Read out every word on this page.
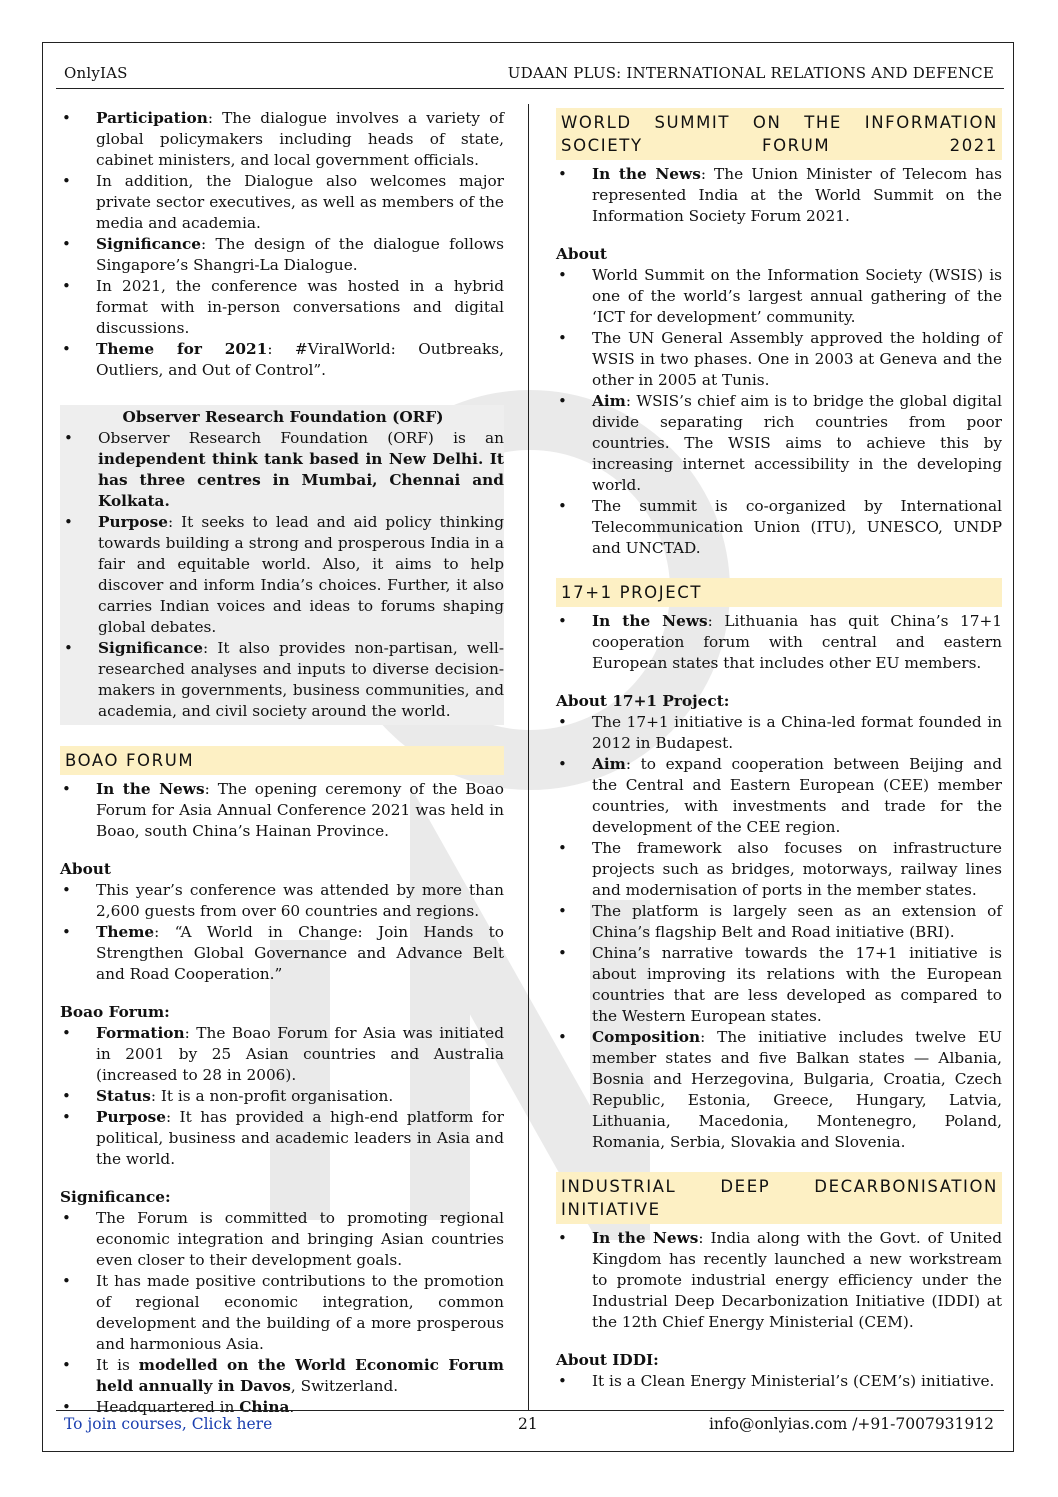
OnlyIAS	UDAAN PLUS: INTERNATIONAL RELATIONS AND DEFENCE
• Participation: The dialogue involves a variety of global policymakers including heads of state, cabinet ministers, and local government officials.
• In addition, the Dialogue also welcomes major private sector executives, as well as members of the media and academia.
• Significance: The design of the dialogue follows Singapore’s Shangri-La Dialogue.
• In 2021, the conference was hosted in a hybrid format with in-person conversations and digital discussions.
• Theme for 2021: #ViralWorld: Outbreaks, Outliers, and Out of Control”.
Observer Research Foundation (ORF)
• Observer Research Foundation (ORF) is an independent think tank based in New Delhi. It has three centres in Mumbai, Chennai and Kolkata.
• Purpose: It seeks to lead and aid policy thinking towards building a strong and prosperous India in a fair and equitable world. Also, it aims to help discover and inform India’s choices. Further, it also carries Indian voices and ideas to forums shaping global debates.
• Significance: It also provides non-partisan, well-researched analyses and inputs to diverse decision-makers in governments, business communities, and academia, and civil society around the world.
BOAO FORUM
• In the News: The opening ceremony of the Boao Forum for Asia Annual Conference 2021 was held in Boao, south China’s Hainan Province.
About
• This year’s conference was attended by more than 2,600 guests from over 60 countries and regions.
• Theme: “A World in Change: Join Hands to Strengthen Global Governance and Advance Belt and Road Cooperation.”
Boao Forum:
• Formation: The Boao Forum for Asia was initiated in 2001 by 25 Asian countries and Australia (increased to 28 in 2006).
• Status: It is a non-profit organisation.
• Purpose: It has provided a high-end platform for political, business and academic leaders in Asia and the world.
Significance:
• The Forum is committed to promoting regional economic integration and bringing Asian countries even closer to their development goals.
• It has made positive contributions to the promotion of regional economic integration, common development and the building of a more prosperous and harmonious Asia.
• It is modelled on the World Economic Forum held annually in Davos, Switzerland.
• Headquartered in China.
WORLD SUMMIT ON THE INFORMATION SOCIETY FORUM 2021
• In the News: The Union Minister of Telecom has represented India at the World Summit on the Information Society Forum 2021.
About
• World Summit on the Information Society (WSIS) is one of the world’s largest annual gathering of the ‘ICT for development’ community.
• The UN General Assembly approved the holding of WSIS in two phases. One in 2003 at Geneva and the other in 2005 at Tunis.
• Aim: WSIS’s chief aim is to bridge the global digital divide separating rich countries from poor countries. The WSIS aims to achieve this by increasing internet accessibility in the developing world.
• The summit is co-organized by International Telecommunication Union (ITU), UNESCO, UNDP and UNCTAD.
17+1 PROJECT
• In the News: Lithuania has quit China’s 17+1 cooperation forum with central and eastern European states that includes other EU members.
About 17+1 Project:
• The 17+1 initiative is a China-led format founded in 2012 in Budapest.
• Aim: to expand cooperation between Beijing and the Central and Eastern European (CEE) member countries, with investments and trade for the development of the CEE region.
• The framework also focuses on infrastructure projects such as bridges, motorways, railway lines and modernisation of ports in the member states.
• The platform is largely seen as an extension of China’s flagship Belt and Road initiative (BRI).
• China’s narrative towards the 17+1 initiative is about improving its relations with the European countries that are less developed as compared to the Western European states.
• Composition: The initiative includes twelve EU member states and five Balkan states — Albania, Bosnia and Herzegovina, Bulgaria, Croatia, Czech Republic, Estonia, Greece, Hungary, Latvia, Lithuania, Macedonia, Montenegro, Poland, Romania, Serbia, Slovakia and Slovenia.
INDUSTRIAL DEEP DECARBONISATION INITIATIVE
• In the News: India along with the Govt. of United Kingdom has recently launched a new workstream to promote industrial energy efficiency under the Industrial Deep Decarbonization Initiative (IDDI) at the 12th Chief Energy Ministerial (CEM).
About IDDI:
• It is a Clean Energy Ministerial’s (CEM’s) initiative.
To join courses, Click here	21	info@onlyias.com /+91-7007931912
